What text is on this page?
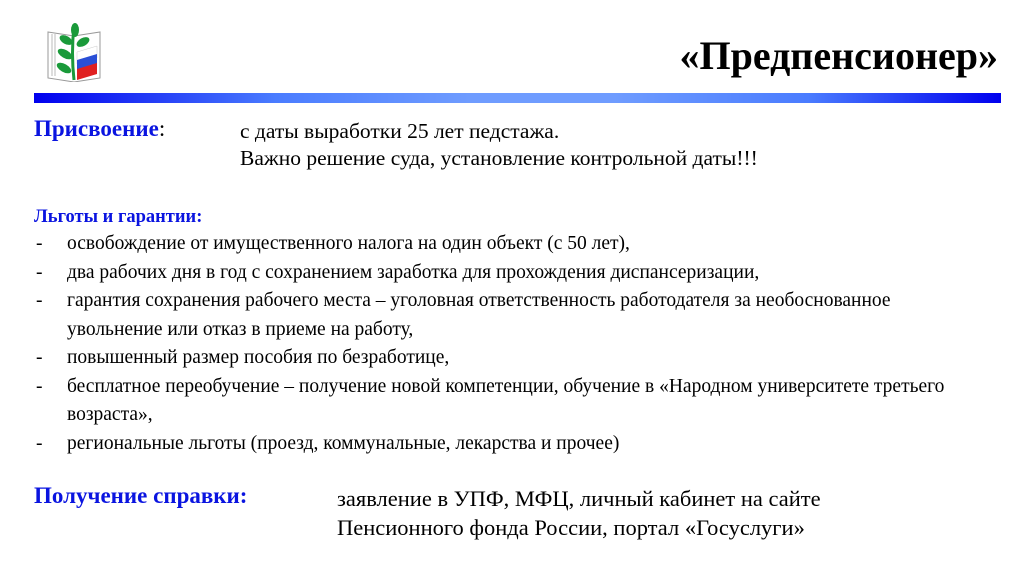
«Предпенсионер»
Присвоение:	с даты выработки 25 лет педстажа.
Важно решение суда, установление контрольной даты!!!
Льготы и гарантии:
- освобождение от имущественного налога на один объект (с 50 лет),
- два рабочих дня в год с сохранением заработка для прохождения диспансеризации,
- гарантия сохранения рабочего места – уголовная ответственность работодателя за необоснованное увольнение или отказ в приеме на работу,
- повышенный размер пособия по безработице,
- бесплатное переобучение – получение новой компетенции, обучение в «Народном университете третьего возраста»,
- региональные льготы (проезд, коммунальные, лекарства и прочее)
Получение справки:	заявление в УПФ, МФЦ, личный кабинет на сайте
Пенсионного фонда России, портал «Госуслуги»
